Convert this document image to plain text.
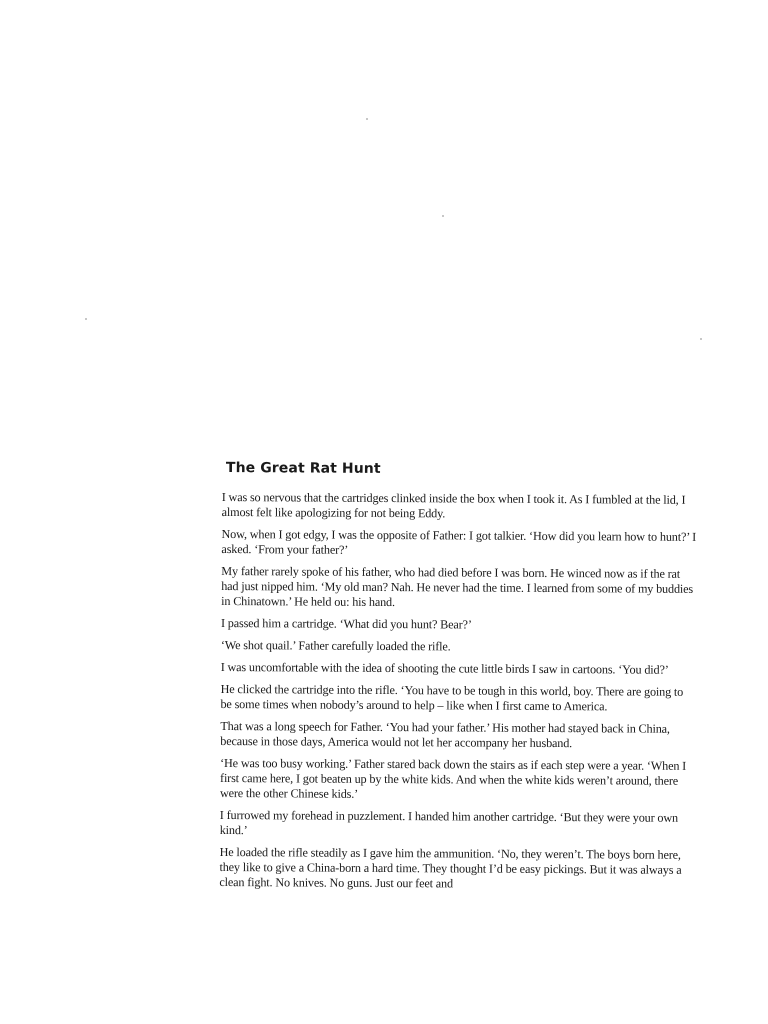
The Great Rat Hunt

I was so nervous that the cartridges clinked inside the box when I took it. As I fumbled at the lid, I almost felt like apologizing for not being Eddy.

Now, when I got edgy, I was the opposite of Father: I got talkier. ‘How did you learn how to hunt?’ I asked. ‘From your father?’

My father rarely spoke of his father, who had died before I was born. He winced now as if the rat had just nipped him. ‘My old man? Nah. He never had the time. I learned from some of my buddies in Chinatown.’ He held ou: his hand.

I passed him a cartridge. ‘What did you hunt? Bear?’

‘We shot quail.’ Father carefully loaded the rifle.

I was uncomfortable with the idea of shooting the cute little birds I saw in cartoons. ‘You did?’

He clicked the cartridge into the rifle. ‘You have to be tough in this world, boy. There are going to be some times when nobody’s around to help – like when I first came to America.

That was a long speech for Father. ‘You had your father.’ His mother had stayed back in China, because in those days, America would not let her accompany her husband.

‘He was too busy working.’ Father stared back down the stairs as if each step were a year. ‘When I first came here, I got beaten up by the white kids. And when the white kids weren’t around, there were the other Chinese kids.’

I furrowed my forehead in puzzlement. I handed him another cartridge. ‘But they were your own kind.’

He loaded the rifle steadily as I gave him the ammunition. ‘No, they weren’t. The boys born here, they like to give a China-born a hard time. They thought I’d be easy pickings. But it was always a clean fight. No knives. No guns. Just our feet and
